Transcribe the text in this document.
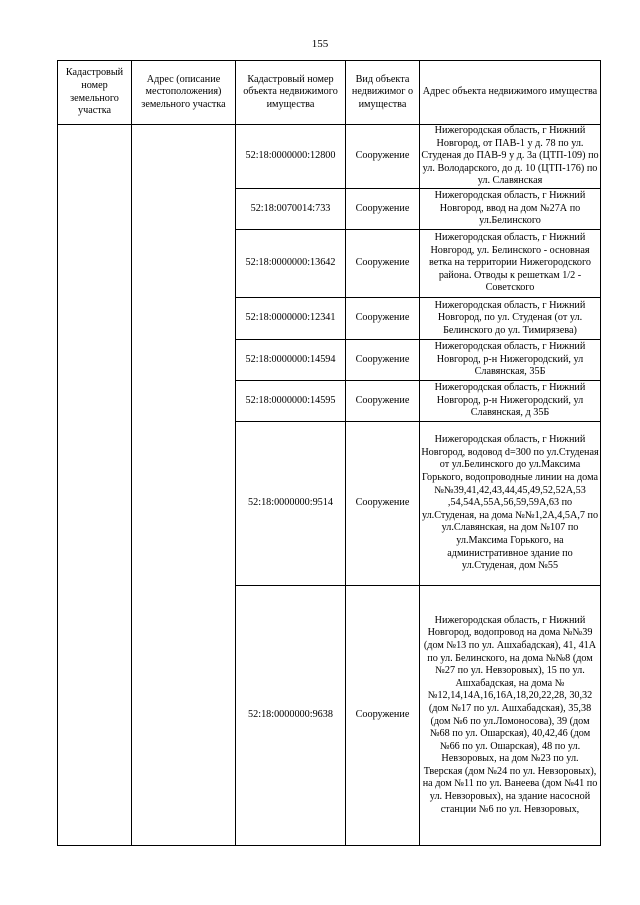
155
Кадастровый номер земельного участка	Адрес (описание местоположения) земельного участка	Кадастровый номер объекта недвижимого имущества	Вид объекта недвижимог о имущества	Адрес объекта недвижимого имущества
		52:18:0000000:12800	Сооружение	Нижегородская область, г Нижний Новгород, от ПАВ-1 у д. 78 по ул. Студеная до ПАВ-9 у д. 3а (ЦТП-109) по ул. Володарского, до д. 10 (ЦТП-176) по ул. Славянская
		52:18:0070014:733	Сооружение	Нижегородская область, г Нижний Новгород, ввод на дом №27А по ул.Белинского
		52:18:0000000:13642	Сооружение	Нижегородская область, г Нижний Новгород, ул. Белинского - основная ветка на территории Нижегородского района. Отводы к решеткам 1/2 - Советского
		52:18:0000000:12341	Сооружение	Нижегородская область, г Нижний Новгород, по ул. Студеная (от ул. Белинского до ул. Тимирязева)
		52:18:0000000:14594	Сооружение	Нижегородская область, г Нижний Новгород, р-н Нижегородский, ул Славянская, 35Б
		52:18:0000000:14595	Сооружение	Нижегородская область, г Нижний Новгород, р-н Нижегородский, ул Славянская, д 35Б
		52:18:0000000:9514	Сооружение	Нижегородская область, г Нижний Новгород, водовод d=300 по ул.Студеная от ул.Белинского до ул.Максима Горького, водопроводные линии на дома №№39,41,42,43,44,45,49,52,52А,53 ,54,54А,55А,56,59,59А,63 по ул.Студеная, на дома №№1,2А,4,5А,7 по ул.Славянская, на дом №107 по ул.Максима Горького, на административное здание по ул.Студеная, дом №55
		52:18:0000000:9638	Сооружение	Нижегородская область, г Нижний Новгород, водопровод на дома №№39 (дом №13 по ул. Ашхабадская), 41, 41А по ул. Белинского, на дома №№8 (дом №27 по ул. Невзоровых), 15 по ул. Ашхабадская, на дома №№12,14,14А,16,16А,18,20,22,28, 30,32 (дом №17 по ул. Ашхабадская), 35,38 (дом №6 по ул.Ломоносова), 39 (дом №68 по ул. Ошарская), 40,42,46 (дом №66 по ул. Ошарская), 48 по ул. Невзоровых, на дом №23 по ул. Тверская (дом №24 по ул. Невзоровых), на дом №11 по ул. Ванеева (дом №41 по ул. Невзоровых), на здание насосной станции №6 по ул. Невзоровых,
